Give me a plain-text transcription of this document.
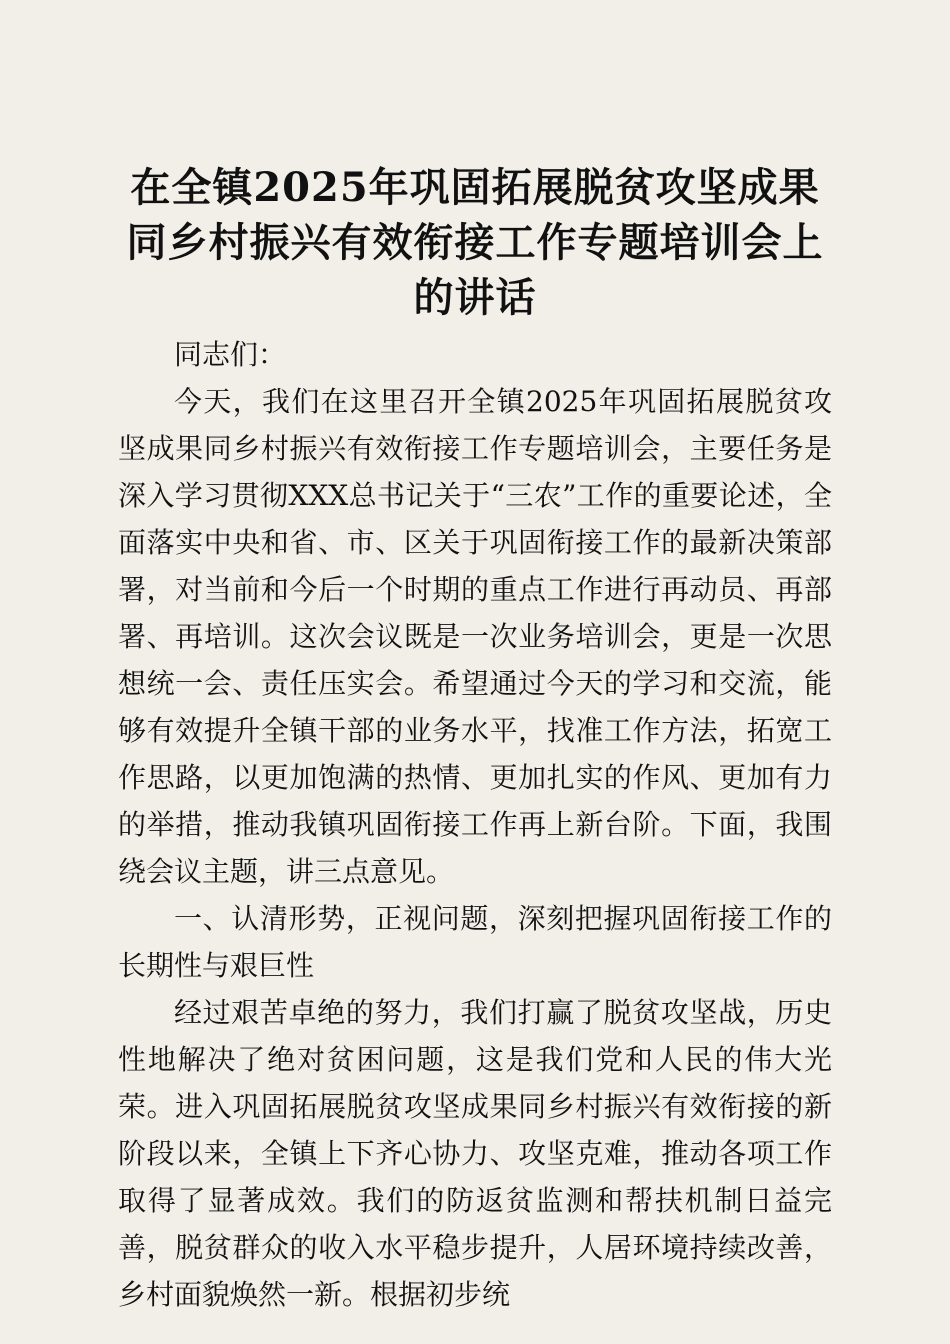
在全镇2025年巩固拓展脱贫攻坚成果
同乡村振兴有效衔接工作专题培训会上
的讲话

同志们：

今天，我们在这里召开全镇2025年巩固拓展脱贫攻坚成果同乡村振兴有效衔接工作专题培训会，主要任务是深入学习贯彻XXX总书记关于“三农”工作的重要论述，全面落实中央和省、市、区关于巩固衔接工作的最新决策部署，对当前和今后一个时期的重点工作进行再动员、再部署、再培训。这次会议既是一次业务培训会，更是一次思想统一会、责任压实会。希望通过今天的学习和交流，能够有效提升全镇干部的业务水平，找准工作方法，拓宽工作思路，以更加饱满的热情、更加扎实的作风、更加有力的举措，推动我镇巩固衔接工作再上新台阶。下面，我围绕会议主题，讲三点意见。

一、认清形势，正视问题，深刻把握巩固衔接工作的长期性与艰巨性

经过艰苦卓绝的努力，我们打赢了脱贫攻坚战，历史性地解决了绝对贫困问题，这是我们党和人民的伟大光荣。进入巩固拓展脱贫攻坚成果同乡村振兴有效衔接的新阶段以来，全镇上下齐心协力、攻坚克难，推动各项工作取得了显著成效。我们的防返贫监测和帮扶机制日益完善，脱贫群众的收入水平稳步提升，人居环境持续改善，乡村面貌焕然一新。根据初步统
